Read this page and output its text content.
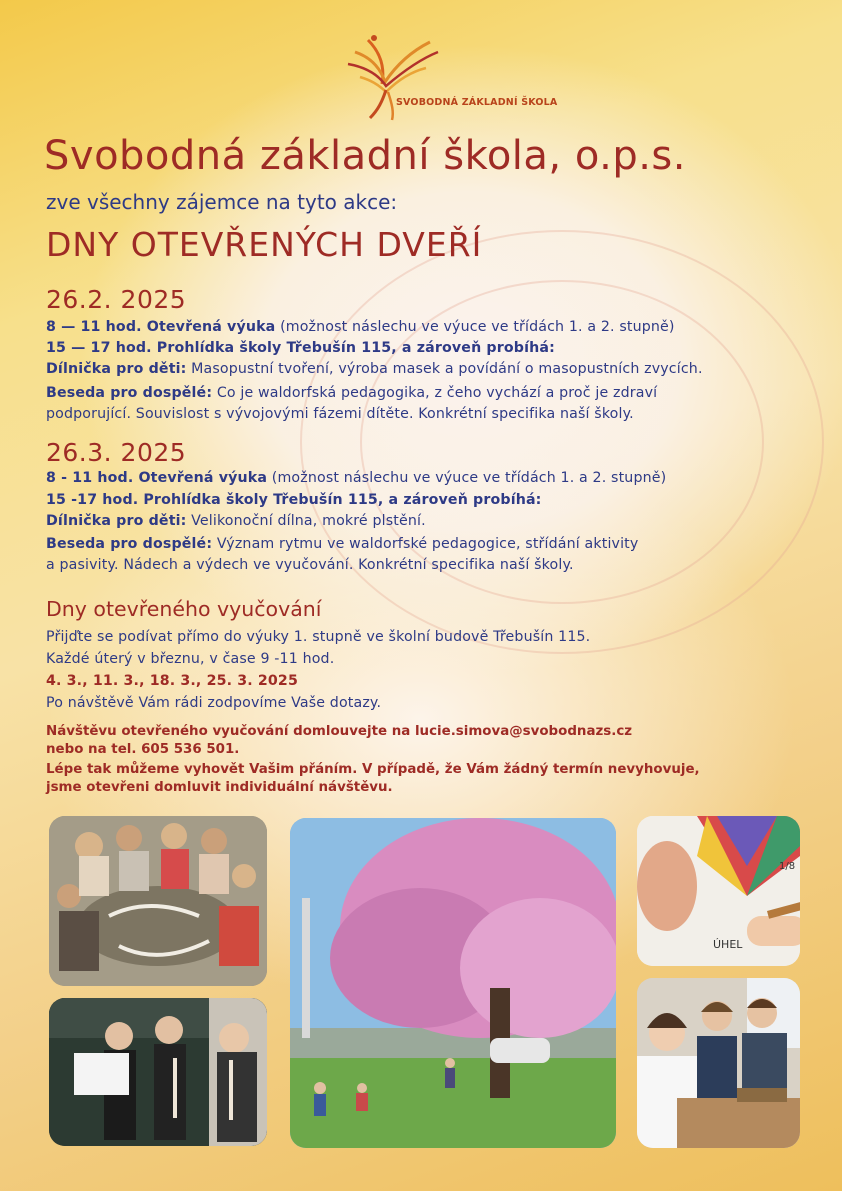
SVOBODNÁ ZÁKLADNÍ ŠKOLA
Svobodná základní škola, o.p.s.
zve všechny zájemce na tyto akce:
DNY OTEVŘENÝCH DVEŘÍ
26.2. 2025
8 — 11 hod. Otevřená výuka (možnost náslechu ve výuce ve třídách 1. a 2. stupně)
15 — 17 hod. Prohlídka školy Třebušín 115, a zároveň probíhá:
Dílnička pro děti: Masopustní tvoření, výroba masek a povídání o masopustních zvycích.
Beseda pro dospělé: Co je waldorfská pedagogika, z čeho vychází a proč je zdraví
podporující. Souvislost s vývojovými fázemi dítěte. Konkrétní specifika naší školy.
26.3. 2025
8 - 11 hod. Otevřená výuka (možnost náslechu ve výuce ve třídách 1. a 2. stupně)
15 -17 hod. Prohlídka školy Třebušín 115, a zároveň probíhá:
Dílnička pro děti: Velikonoční dílna, mokré plstění.
Beseda pro dospělé: Význam rytmu ve waldorfské pedagogice, střídání aktivity
a pasivity. Nádech a výdech ve vyučování. Konkrétní specifika naší školy.
Dny otevřeného vyučování
Přijďte se podívat přímo do výuky 1. stupně ve školní budově Třebušín 115.
Každé úterý v březnu, v čase 9 -11 hod.
4. 3., 11. 3., 18. 3., 25. 3. 2025
Po návštěvě Vám rádi zodpovíme Vaše dotazy.
Návštěvu otevřeného vyučování domlouvejte na lucie.simova@svobodnazs.cz
nebo na tel. 605 536 501.
Lépe tak můžeme vyhovět Vašim přáním. V případě, že Vám žádný termín nevyhovuje,
jsme otevřeni domluvit individuální návštěvu.
ÚHEL
1/8
